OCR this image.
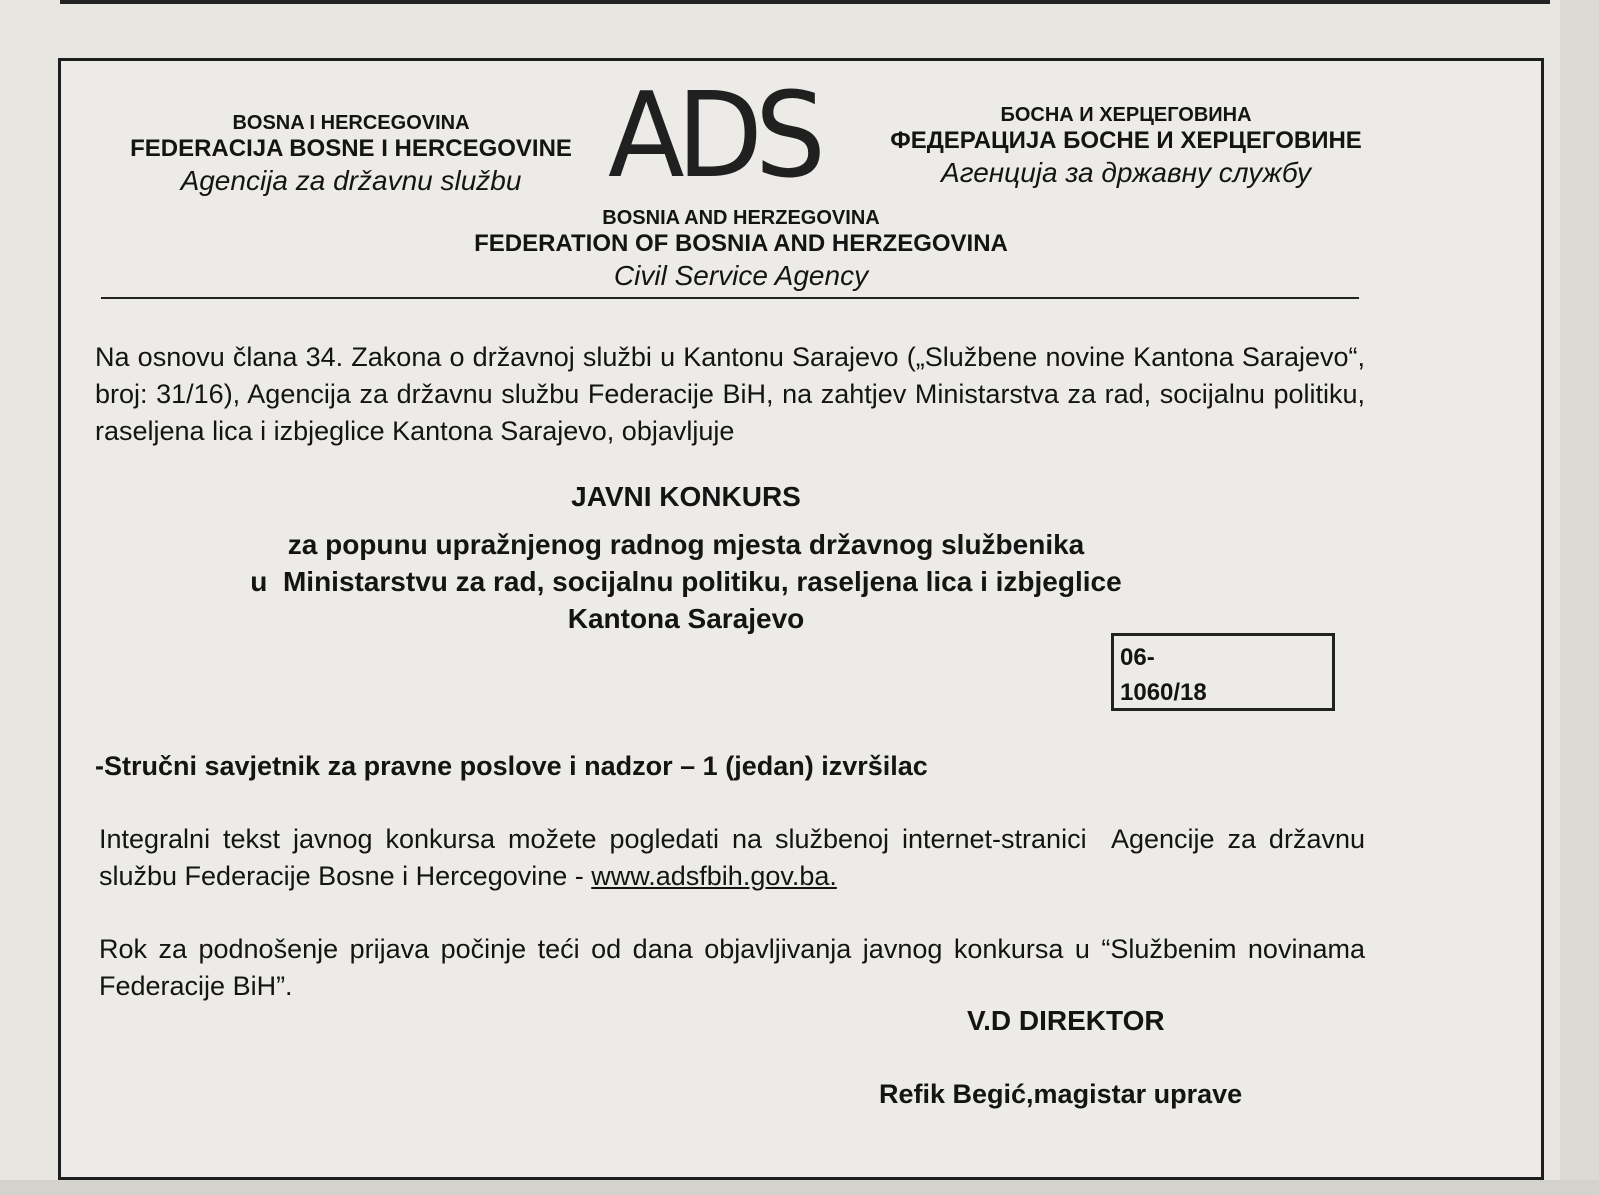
BOSNA I HERCEGOVINA
FEDERACIJA BOSNE I HERCEGOVINE
Agencija za državnu službu ADS	БОСНА И ХЕРЦЕГОВИНА
ФЕДЕРАЦИЈА БОСНЕ И ХЕРЦЕГОВИНЕ
Агенција за државну службу
BOSNIA AND HERZEGOVINA
FEDERATION OF BOSNIA AND HERZEGOVINA
Civil Service Agency
Na osnovu člana 34. Zakona o državnoj službi u Kantonu Sarajevo („Službene novine Kantona Sarajevo“, broj: 31/16), Agencija za državnu službu Federacije BiH, na zahtjev Ministarstva za rad, socijalnu politiku, raseljena lica i izbjeglice Kantona Sarajevo, objavljuje
JAVNI KONKURS
za popunu upražnjenog radnog mjesta državnog službenika
u  Ministarstvu za rad, socijalnu politiku, raseljena lica i izbjeglice
Kantona Sarajevo
06-
1060/18
-Stručni savjetnik za pravne poslove i nadzor – 1 (jedan) izvršilac
Integralni tekst javnog konkursa možete pogledati na službenoj internet-stranici  Agencije za državnu službu Federacije Bosne i Hercegovine - www.adsfbih.gov.ba.
Rok za podnošenje prijava počinje teći od dana objavljivanja javnog konkursa u “Službenim novinama Federacije BiH”.
V.D DIREKTOR
Refik Begić,magistar uprave
